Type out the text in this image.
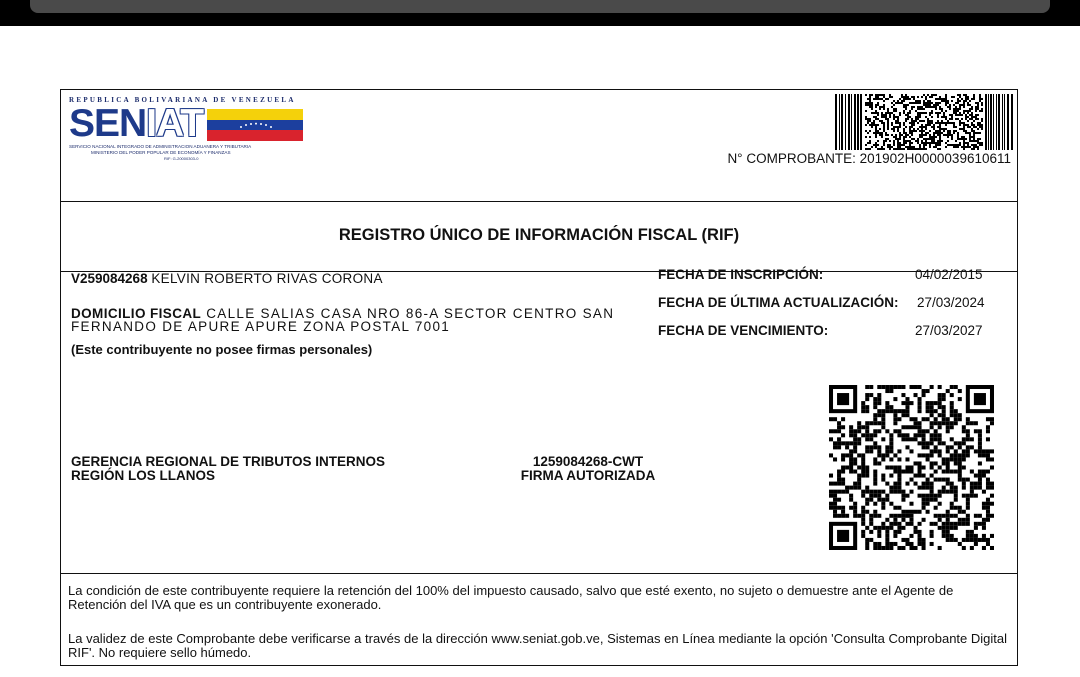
REPUBLICA BOLIVARIANA DE VENEZUELA
SENIAT
SERVICIO NACIONAL INTEGRADO DE ADMINISTRACION ADUANERA Y TRIBUTARIA
MINISTERIO DEL PODER POPULAR DE ECONOMÍA Y FINANZAS
RIF: G-20000303-0	N° COMPROBANTE: 201902H0000039610611
REGISTRO ÚNICO DE INFORMACIÓN FISCAL (RIF)
V259084268 KELVIN ROBERTO RIVAS CORONA
DOMICILIO FISCAL CALLE SALIAS CASA NRO 86-A SECTOR CENTRO SAN FERNANDO DE APURE APURE ZONA POSTAL 7001
(Este contribuyente no posee firmas personales)
FECHA DE INSCRIPCIÓN:	04/02/2015
FECHA DE ÚLTIMA ACTUALIZACIÓN: 27/03/2024
FECHA DE VENCIMIENTO:	27/03/2027
GERENCIA REGIONAL DE TRIBUTOS INTERNOS
REGIÓN LOS LLANOS
1259084268-CWT
FIRMA AUTORIZADA
La condición de este contribuyente requiere la retención del 100% del impuesto causado, salvo que esté exento, no sujeto o demuestre ante el Agente de Retención del IVA que es un contribuyente exonerado.
La validez de este Comprobante debe verificarse a través de la dirección www.seniat.gob.ve, Sistemas en Línea mediante la opción 'Consulta Comprobante Digital RIF'. No requiere sello húmedo.
